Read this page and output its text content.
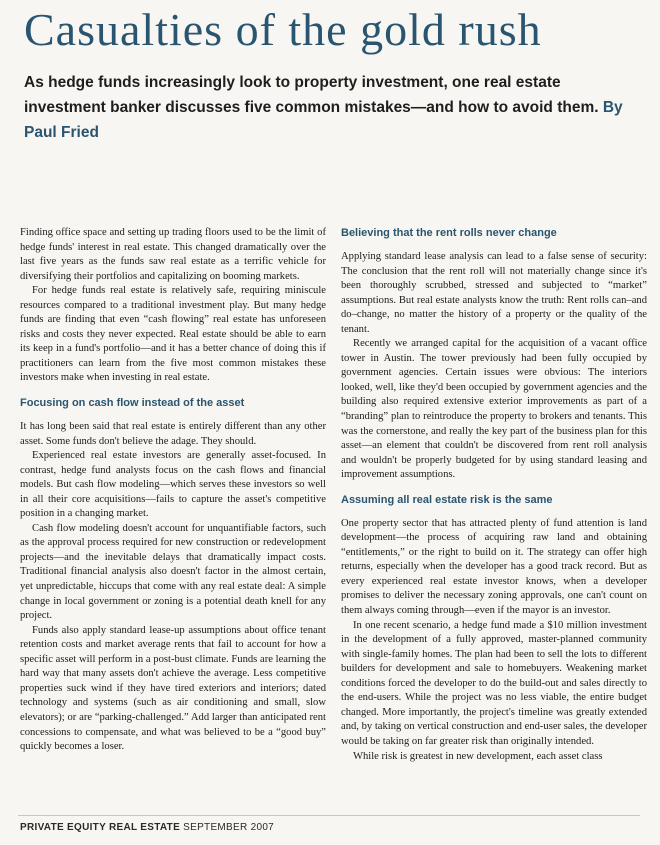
Casualties of the gold rush
As hedge funds increasingly look to property investment, one real estate investment banker discusses five common mistakes—and how to avoid them. By Paul Fried

Finding office space and setting up trading floors used to be the limit of hedge funds' interest in real estate. This changed dramatically over the last five years as the funds saw real estate as a terrific vehicle for diversifying their portfolios and capitalizing on booming markets.

For hedge funds real estate is relatively safe, requiring miniscule resources compared to a traditional investment play. But many hedge funds are finding that even “cash flowing” real estate has unforeseen risks and costs they never expected. Real estate should be able to earn its keep in a fund's portfolio—and it has a better chance of doing this if practitioners can learn from the five most common mistakes these investors make when investing in real estate.

Focusing on cash flow instead of the asset

It has long been said that real estate is entirely different than any other asset. Some funds don't believe the adage. They should.

Experienced real estate investors are generally asset-focused. In contrast, hedge fund analysts focus on the cash flows and financial models. But cash flow modeling—which serves these investors so well in all their core acquisitions—fails to capture the asset's competitive position in a changing market.

Cash flow modeling doesn't account for unquantifiable factors, such as the approval process required for new construction or redevelopment projects—and the inevitable delays that dramatically impact costs. Traditional financial analysis also doesn't factor in the almost certain, yet unpredictable, hiccups that come with any real estate deal: A simple change in local government or zoning is a potential death knell for any project.

Funds also apply standard lease-up assumptions about office tenant retention costs and market average rents that fail to account for how a specific asset will perform in a post-bust climate. Funds are learning the hard way that many assets don't achieve the average. Less competitive properties suck wind if they have tired exteriors and interiors; dated technology and systems (such as air conditioning and small, slow elevators); or are “parking-challenged.” Add larger than anticipated rent concessions to compensate, and what was believed to be a “good buy” quickly becomes a loser.

Believing that the rent rolls never change

Applying standard lease analysis can lead to a false sense of security: The conclusion that the rent roll will not materially change since it's been thoroughly scrubbed, stressed and subjected to “market” assumptions. But real estate analysts know the truth: Rent rolls can–and do–change, no matter the history of a property or the quality of the tenant.

Recently we arranged capital for the acquisition of a vacant office tower in Austin. The tower previously had been fully occupied by government agencies. Certain issues were obvious: The interiors looked, well, like they'd been occupied by government agencies and the building also required extensive exterior improvements as part of a “branding” plan to reintroduce the property to brokers and tenants. This was the cornerstone, and really the key part of the business plan for this asset—an element that couldn't be discovered from rent roll analysis and wouldn't be properly budgeted for by using standard leasing and improvement assumptions.

Assuming all real estate risk is the same

One property sector that has attracted plenty of fund attention is land development—the process of acquiring raw land and obtaining “entitlements,” or the right to build on it. The strategy can offer high returns, especially when the developer has a good track record. But as every experienced real estate investor knows, when a developer promises to deliver the necessary zoning approvals, one can't count on them always coming through—even if the mayor is an investor.

In one recent scenario, a hedge fund made a $10 million investment in the development of a fully approved, master-planned community with single-family homes. The plan had been to sell the lots to different builders for development and sale to homebuyers. Weakening market conditions forced the developer to do the build-out and sales directly to the end-users. While the project was no less viable, the entire budget changed. More importantly, the project's timeline was greatly extended and, by taking on vertical construction and end-user sales, the developer would be taking on far greater risk than originally intended.

While risk is greatest in new development, each asset class

PRIVATE EQUITY REAL ESTATE SEPTEMBER 2007
